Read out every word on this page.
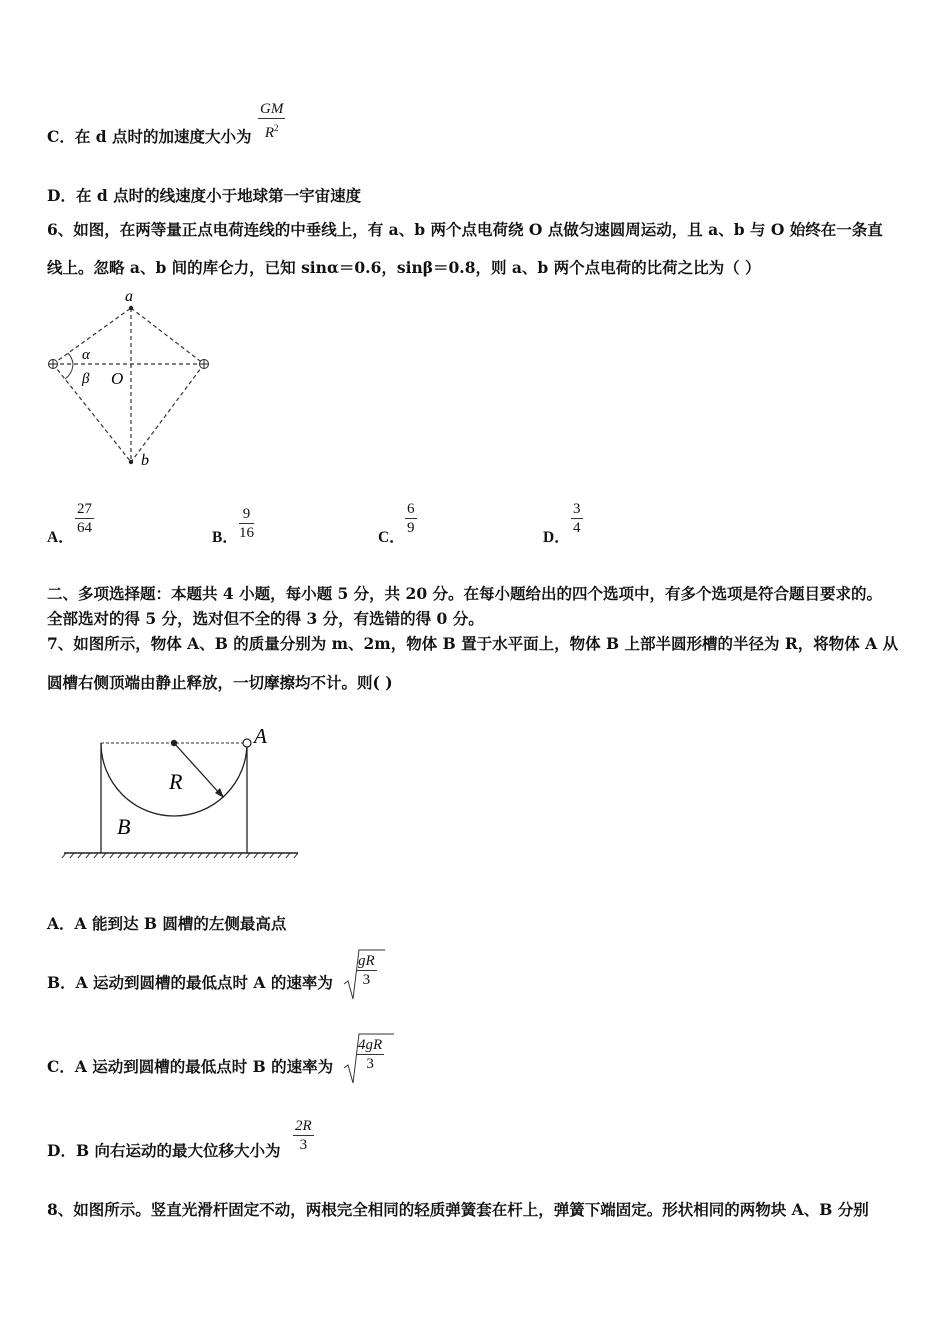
C．在 d 点时的加速度大小为
GM
$R^2$
D．在 d 点时的线速度小于地球第一宇宙速度
6、如图，在两等量正点电荷连线的中垂线上，有 a、b 两个点电荷绕 O 点做匀速圆周运动，且 a、b 与 O 始终在一条直
线上。忽略 a、b 间的库仑力，已知 sinα＝0.6，sinβ＝0.8，则 a、b 两个点电荷的比荷之比为（ ）
a
b
O
α
β
A．
27
64
B．
9
16	C．
6
9
D．
3
4
二、多项选择题：本题共 4 小题，每小题 5 分，共 20 分。在每小题给出的四个选项中，有多个选项是符合题目要求的。
全部选对的得 5 分，选对但不全的得 3 分，有选错的得 0 分。
7、如图所示，物体 A、B 的质量分别为 m、2m，物体 B 置于水平面上，物体 B 上部半圆形槽的半径为 R，将物体 A 从
圆槽右侧顶端由静止释放，一切摩擦均不计。则( )
A
R
B
A．A 能到达 B 圆槽的左侧最高点
B．A 运动到圆槽的最低点时 A 的速率为
gR
3
C．A 运动到圆槽的最低点时 B 的速率为
4gR
3
D．B 向右运动的最大位移大小为
2R
3
8、如图所示。竖直光滑杆固定不动，两根完全相同的轻质弹簧套在杆上，弹簧下端固定。形状相同的两物块 A、B 分别
